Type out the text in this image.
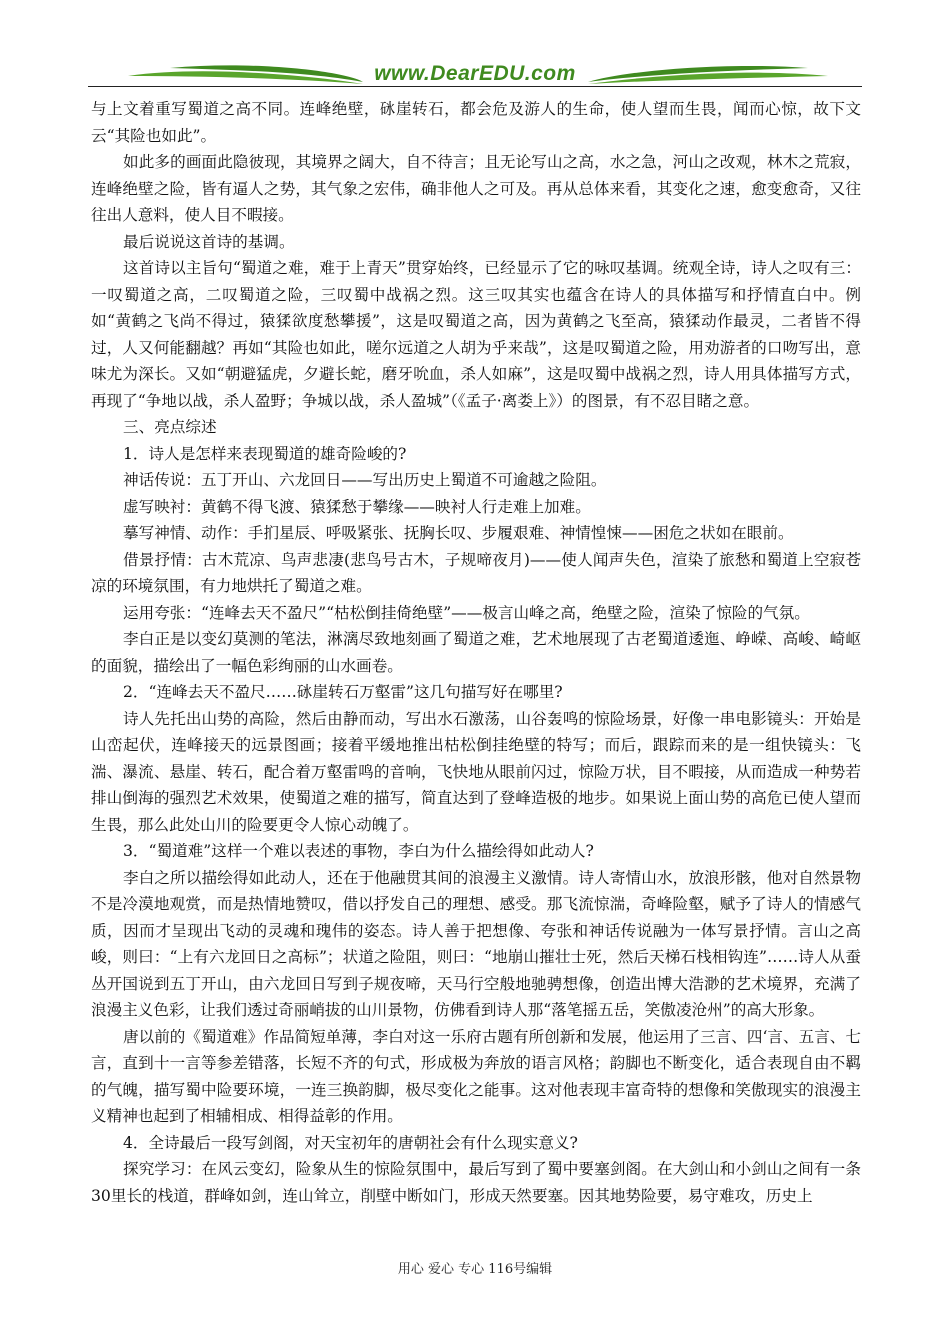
www.DearEDU.com

与上文着重写蜀道之高不同。连峰绝壁，砯崖转石，都会危及游人的生命，使人望而生畏，闻而心惊，故下文云“其险也如此”。

如此多的画面此隐彼现，其境界之阔大，自不待言；且无论写山之高，水之急，河山之改观，林木之荒寂，连峰绝壁之险，皆有逼人之势，其气象之宏伟，确非他人之可及。再从总体来看，其变化之速，愈变愈奇，又往往出人意料，使人目不暇接。

最后说说这首诗的基调。

这首诗以主旨句“蜀道之难，难于上青天”贯穿始终，已经显示了它的咏叹基调。统观全诗，诗人之叹有三：一叹蜀道之高，二叹蜀道之险，三叹蜀中战祸之烈。这三叹其实也蕴含在诗人的具体描写和抒情直白中。例如“黄鹤之飞尚不得过，猿猱欲度愁攀援”，这是叹蜀道之高，因为黄鹤之飞至高，猿猱动作最灵，二者皆不得过，人又何能翻越？再如“其险也如此，嗟尔远道之人胡为乎来哉”，这是叹蜀道之险，用劝游者的口吻写出，意味尤为深长。又如“朝避猛虎，夕避长蛇，磨牙吮血，杀人如麻”，这是叹蜀中战祸之烈，诗人用具体描写方式，再现了“争地以战，杀人盈野；争城以战，杀人盈城”（《孟子·离娄上》）的图景，有不忍目睹之意。

三、亮点综述

1．诗人是怎样来表现蜀道的雄奇险峻的?

神话传说：五丁开山、六龙回日——写出历史上蜀道不可逾越之险阻。

虚写映衬：黄鹤不得飞渡、猿猱愁于攀缘——映衬人行走难上加难。

摹写神情、动作：手扪星辰、呼吸紧张、抚胸长叹、步履艰难、神情惶悚——困危之状如在眼前。

借景抒情：古木荒凉、鸟声悲凄(悲鸟号古木，子规啼夜月)——使人闻声失色，渲染了旅愁和蜀道上空寂苍凉的环境氛围，有力地烘托了蜀道之难。

运用夸张：“连峰去天不盈尺”“枯松倒挂倚绝壁”——极言山峰之高，绝壁之险，渲染了惊险的气氛。

李白正是以变幻莫测的笔法，淋漓尽致地刻画了蜀道之难，艺术地展现了古老蜀道逶迤、峥嵘、高峻、崎岖的面貌，描绘出了一幅色彩绚丽的山水画卷。

2．“连峰去天不盈尺……砯崖转石万壑雷”这几句描写好在哪里?

诗人先托出山势的高险，然后由静而动，写出水石激荡，山谷轰鸣的惊险场景，好像一串电影镜头：开始是山峦起伏，连峰接天的远景图画；接着平缓地推出枯松倒挂绝壁的特写；而后，跟踪而来的是一组快镜头：飞湍、瀑流、悬崖、转石，配合着万壑雷鸣的音响，飞快地从眼前闪过，惊险万状，目不暇接，从而造成一种势若排山倒海的强烈艺术效果，使蜀道之难的描写，简直达到了登峰造极的地步。如果说上面山势的高危已使人望而生畏，那么此处山川的险要更令人惊心动魄了。

3．“蜀道难”这样一个难以表述的事物，李白为什么描绘得如此动人?

李白之所以描绘得如此动人，还在于他融贯其间的浪漫主义激情。诗人寄情山水，放浪形骸，他对自然景物不是冷漠地观赏，而是热情地赞叹，借以抒发自己的理想、感受。那飞流惊湍，奇峰险壑，赋予了诗人的情感气质，因而才呈现出飞动的灵魂和瑰伟的姿态。诗人善于把想像、夸张和神话传说融为一体写景抒情。言山之高峻，则曰：“上有六龙回日之高标”；状道之险阻，则曰：“地崩山摧壮士死，然后天梯石栈相钩连”……诗人从蚕丛开国说到五丁开山，由六龙回日写到子规夜啼，天马行空般地驰骋想像，创造出博大浩渺的艺术境界，充满了浪漫主义色彩，让我们透过奇丽峭拔的山川景物，仿佛看到诗人那“落笔摇五岳，笑傲凌沧州”的高大形象。

唐以前的《蜀道难》作品简短单薄，李白对这一乐府古题有所创新和发展，他运用了三言、四‘言、五言、七言，直到十一言等参差错落，长短不齐的句式，形成极为奔放的语言风格；韵脚也不断变化，适合表现自由不羁的气魄，描写蜀中险要环境，一连三换韵脚，极尽变化之能事。这对他表现丰富奇特的想像和笑傲现实的浪漫主义精神也起到了相辅相成、相得益彰的作用。

4．全诗最后一段写剑阁，对天宝初年的唐朝社会有什么现实意义?

探究学习：在风云变幻，险象从生的惊险氛围中，最后写到了蜀中要塞剑阁。在大剑山和小剑山之间有一条30里长的栈道，群峰如剑，连山耸立，削壁中断如门，形成天然要塞。因其地势险要，易守难攻，历史上

用心 爱心 专心 116号编辑
